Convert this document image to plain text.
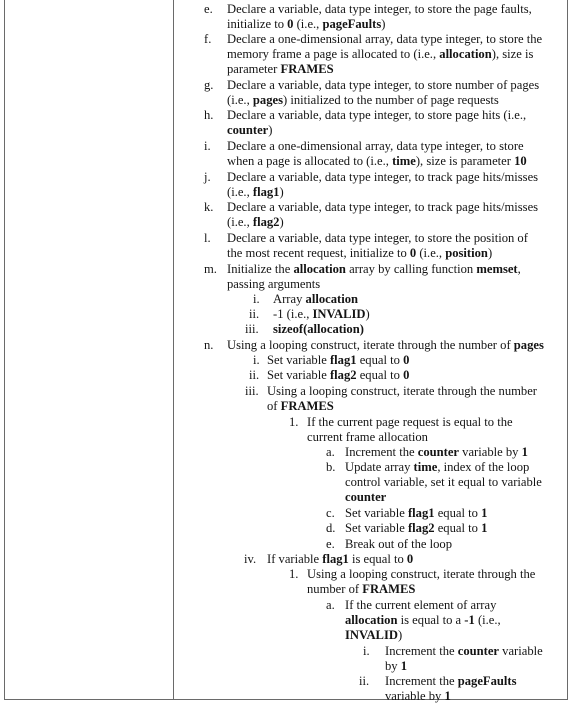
e. Declare a variable, data type integer, to store the page faults,
initialize to 0 (i.e., pageFaults)
f. Declare a one-dimensional array, data type integer, to store the
memory frame a page is allocated to (i.e., allocation), size is
parameter FRAMES
g. Declare a variable, data type integer, to store number of pages
(i.e., pages) initialized to the number of page requests
h. Declare a variable, data type integer, to store page hits (i.e.,
counter)
i. Declare a one-dimensional array, data type integer, to store
when a page is allocated to (i.e., time), size is parameter 10
j. Declare a variable, data type integer, to track page hits/misses
(i.e., flag1)
k. Declare a variable, data type integer, to track page hits/misses
(i.e., flag2)
l. Declare a variable, data type integer, to store the position of
the most recent request, initialize to 0 (i.e., position)
m. Initialize the allocation array by calling function memset,
passing arguments
i. Array allocation
ii. -1 (i.e., INVALID)
iii. sizeof(allocation)
n. Using a looping construct, iterate through the number of pages
i. Set variable flag1 equal to 0
ii. Set variable flag2 equal to 0
iii. Using a looping construct, iterate through the number
of FRAMES
1. If the current page request is equal to the
current frame allocation
a. Increment the counter variable by 1
b. Update array time, index of the loop
control variable, set it equal to variable
counter
c. Set variable flag1 equal to 1
d. Set variable flag2 equal to 1
e. Break out of the loop
iv. If variable flag1 is equal to 0
1. Using a looping construct, iterate through the
number of FRAMES
a. If the current element of array
allocation is equal to a -1 (i.e.,
INVALID)
i. Increment the counter variable
by 1
ii. Increment the pageFaults
variable by 1
